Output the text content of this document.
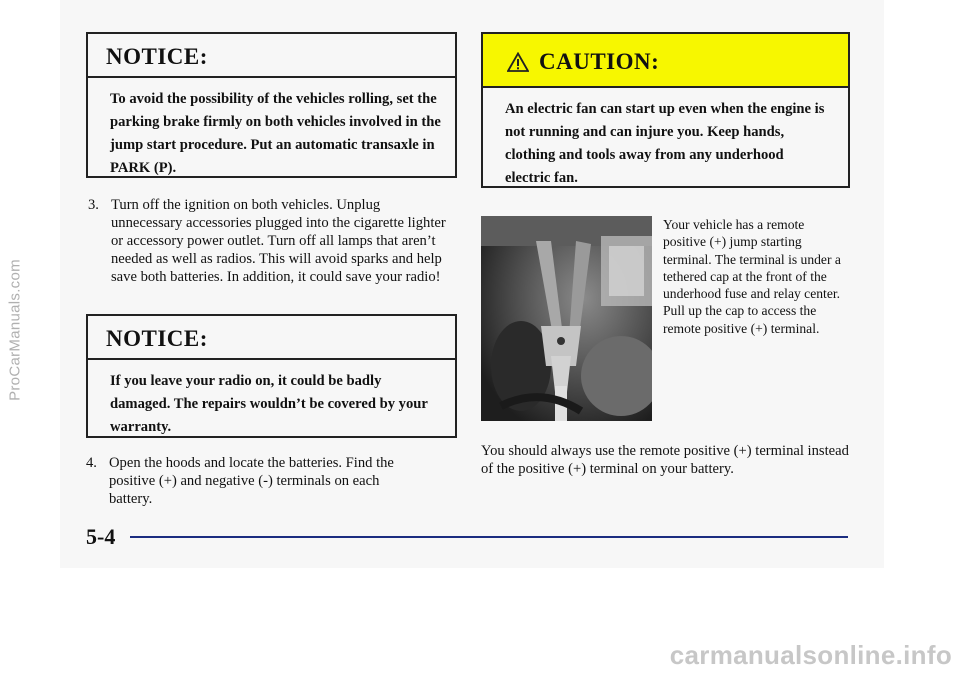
ProCarManuals.com
NOTICE:
To avoid the possibility of the vehicles rolling, set the parking brake firmly on both vehicles involved in the jump start procedure. Put an automatic transaxle in PARK (P).
3. Turn off the ignition on both vehicles. Unplug unnecessary accessories plugged into the cigarette lighter or accessory power outlet. Turn off all lamps that aren’t needed as well as radios. This will avoid sparks and help save both batteries. In addition, it could save your radio!
NOTICE:
If you leave your radio on, it could be badly damaged. The repairs wouldn’t be covered by your warranty.
4. Open the hoods and locate the batteries. Find the positive (+) and negative (-) terminals on each battery.
CAUTION:
An electric fan can start up even when the engine is not running and can injure you. Keep hands, clothing and tools away from any underhood electric fan.
Your vehicle has a remote positive (+) jump starting terminal. The terminal is under a tethered cap at the front of the underhood fuse and relay center. Pull up the cap to access the remote positive (+) terminal.
You should always use the remote positive (+) terminal instead of the positive (+) terminal on your battery.
5-4
carmanualsonline.info
